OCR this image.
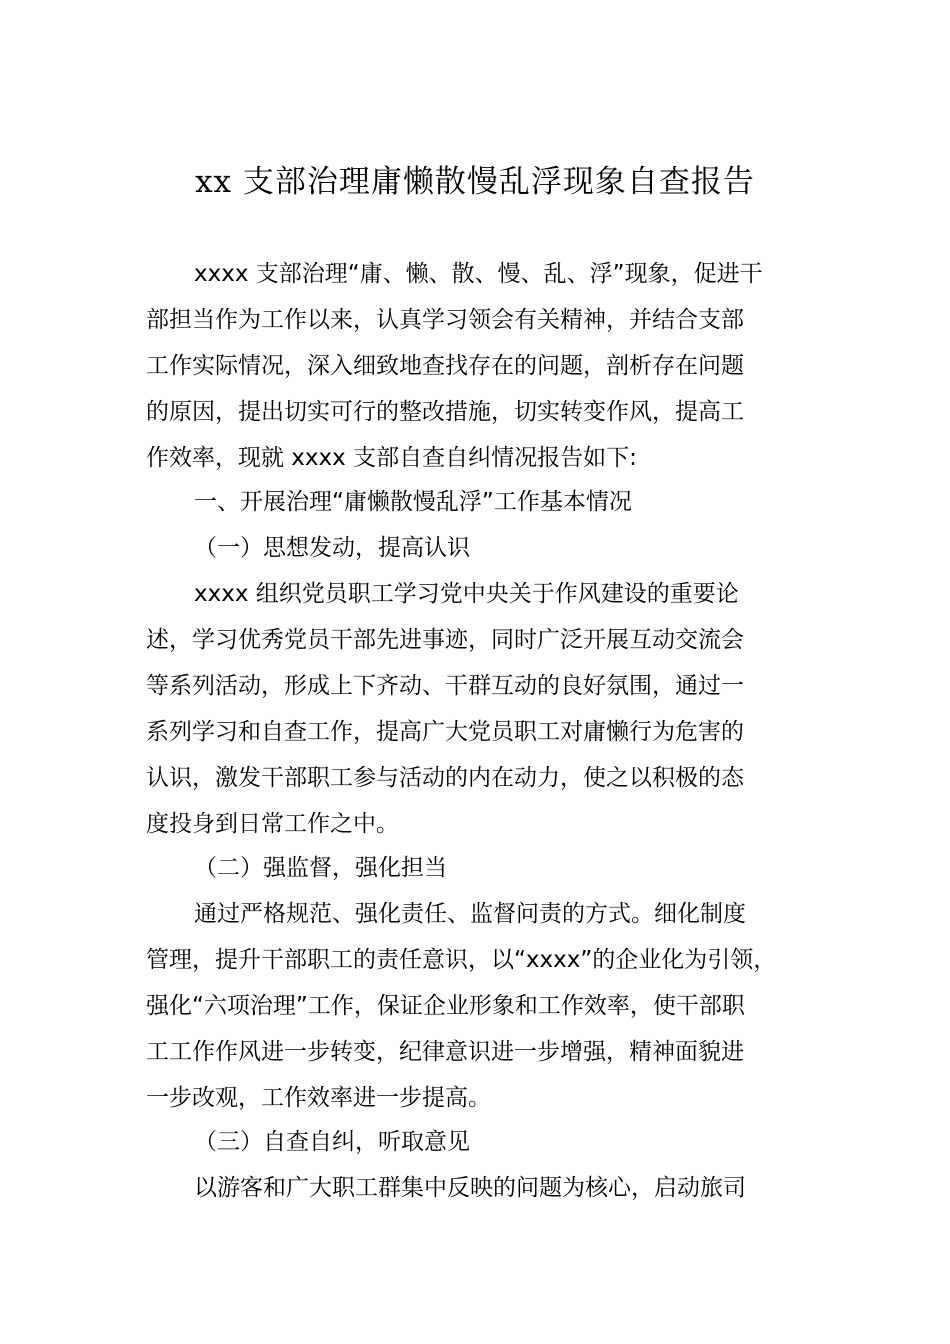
xx 支部治理庸懒散慢乱浮现象自查报告

xxxx 支部治理“庸、懒、散、慢、乱、浮”现象，促进干

部担当作为工作以来，认真学习领会有关精神，并结合支部

工作实际情况，深入细致地查找存在的问题，剖析存在问题

的原因，提出切实可行的整改措施，切实转变作风，提高工

作效率，现就 xxxx 支部自查自纠情况报告如下:

一、开展治理“庸懒散慢乱浮”工作基本情况

（一）思想发动，提高认识

xxxx 组织党员职工学习党中央关于作风建设的重要论

述，学习优秀党员干部先进事迹，同时广泛开展互动交流会

等系列活动，形成上下齐动、干群互动的良好氛围，通过一

系列学习和自查工作，提高广大党员职工对庸懒行为危害的

认识，激发干部职工参与活动的内在动力，使之以积极的态

度投身到日常工作之中。

（二）强监督，强化担当

通过严格规范、强化责任、监督问责的方式。细化制度

管理，提升干部职工的责任意识，以“xxxx”的企业化为引领，

强化“六项治理”工作，保证企业形象和工作效率，使干部职

工工作作风进一步转变，纪律意识进一步增强，精神面貌进

一步改观，工作效率进一步提高。

（三）自查自纠，听取意见

以游客和广大职工群集中反映的问题为核心，启动旅司
